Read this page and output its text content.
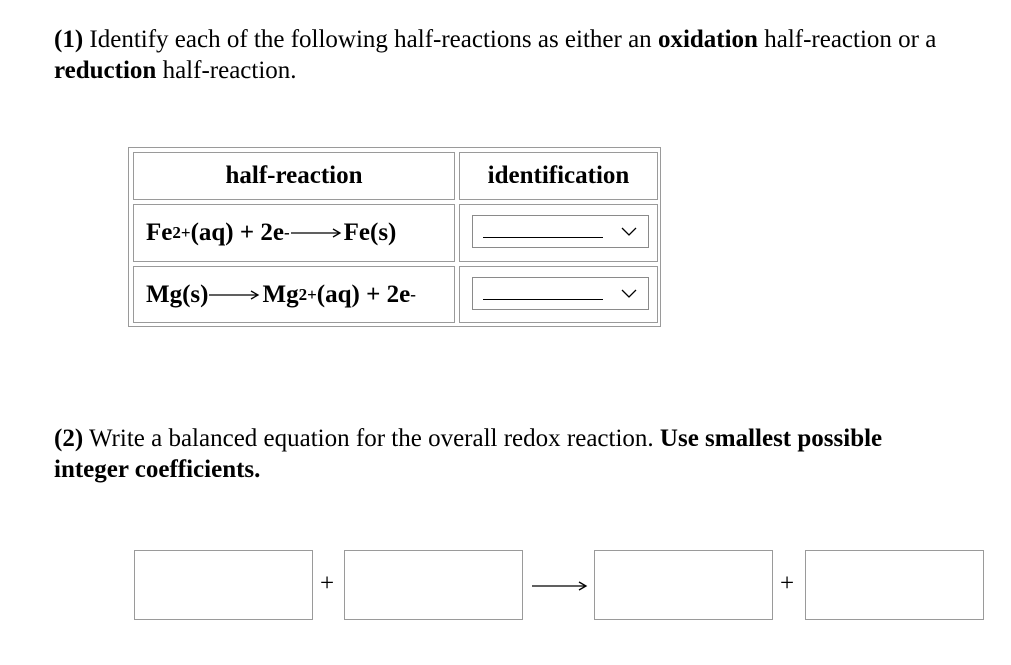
(1) Identify each of the following half-reactions as either an oxidation half-reaction or a reduction half-reaction.

half-reaction	identification
Fe 2+ (aq) + 2e - → Fe(s)
Mg(s) → Mg 2+ (aq) + 2e -

(2) Write a balanced equation for the overall redox reaction. Use smallest possible integer coefficients.

+	+
